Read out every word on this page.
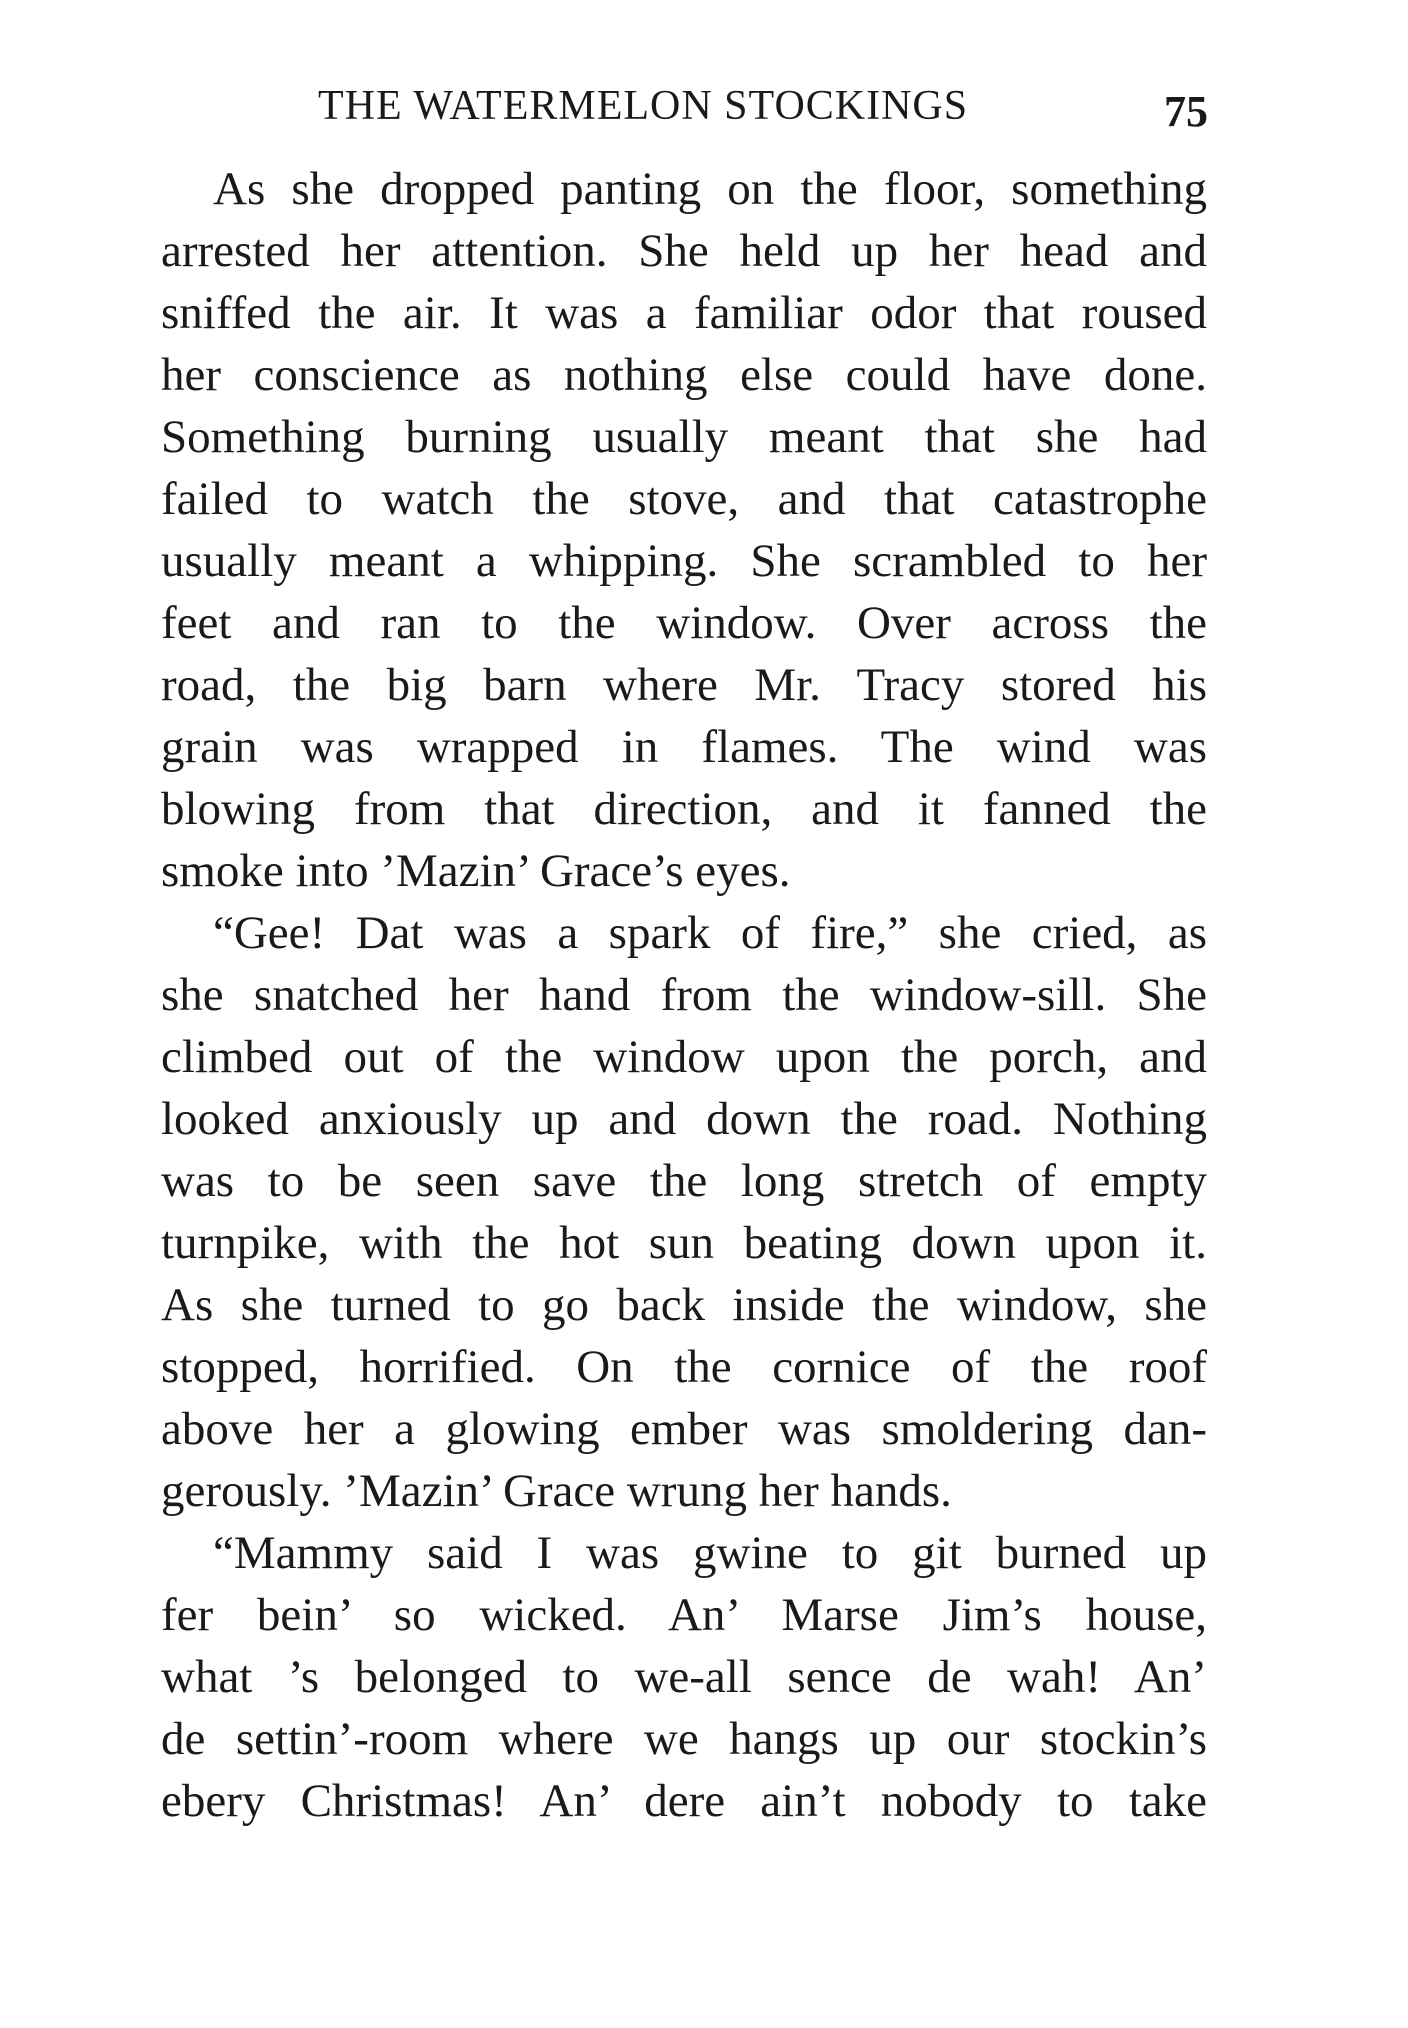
THE WATERMELON STOCKINGS	75
As she dropped panting on the floor, something
arrested her attention. She held up her head and
sniffed the air. It was a familiar odor that roused
her conscience as nothing else could have done.
Something burning usually meant that she had
failed to watch the stove, and that catastrophe
usually meant a whipping. She scrambled to her
feet and ran to the window. Over across the
road, the big barn where Mr. Tracy stored his
grain was wrapped in flames. The wind was
blowing from that direction, and it fanned the
smoke into ’Mazin’ Grace’s eyes.
“Gee! Dat was a spark of fire,” she cried, as
she snatched her hand from the window-sill. She
climbed out of the window upon the porch, and
looked anxiously up and down the road. Nothing
was to be seen save the long stretch of empty
turnpike, with the hot sun beating down upon it.
As she turned to go back inside the window, she
stopped, horrified. On the cornice of the roof
above her a glowing ember was smoldering dan-
gerously. ’Mazin’ Grace wrung her hands.
“Mammy said I was gwine to git burned up
fer bein’ so wicked. An’ Marse Jim’s house,
what ’s belonged to we-all sence de wah! An’
de settin’-room where we hangs up our stockin’s
ebery Christmas! An’ dere ain’t nobody to take
